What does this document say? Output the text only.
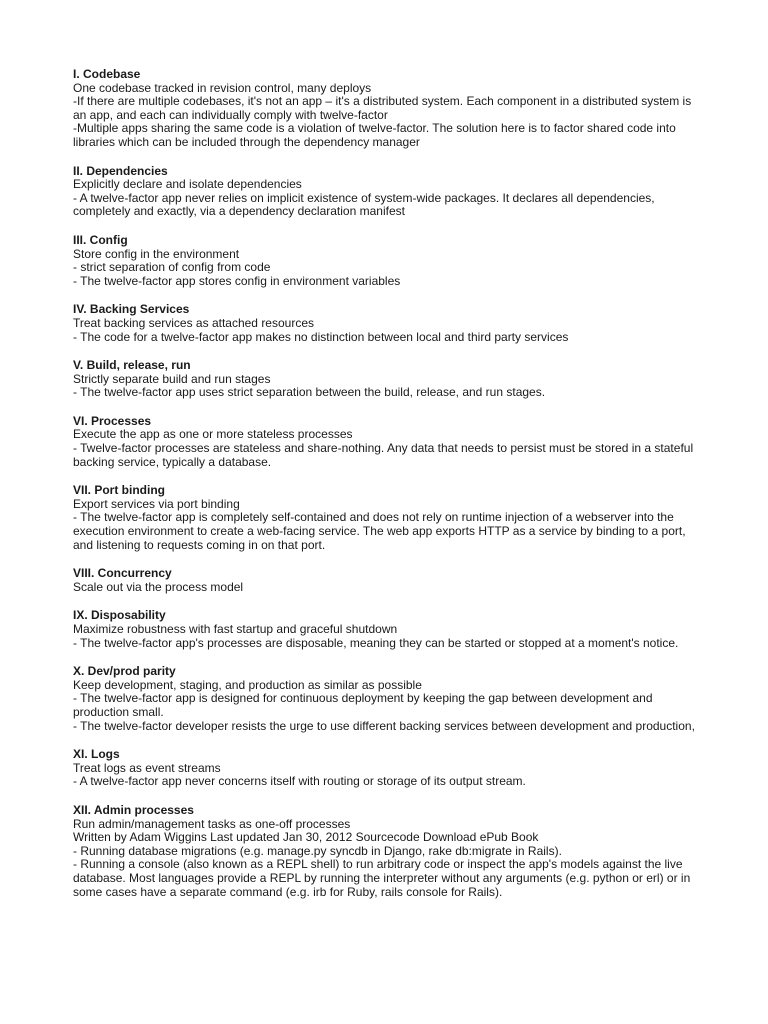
I. Codebase

One codebase tracked in revision control, many deploys

-If there are multiple codebases, it's not an app – it's a distributed system. Each component in a distributed system is an app, and each can individually comply with twelve-factor

-Multiple apps sharing the same code is a violation of twelve-factor. The solution here is to factor shared code into libraries which can be included through the dependency manager

II. Dependencies

Explicitly declare and isolate dependencies

- A twelve-factor app never relies on implicit existence of system-wide packages. It declares all dependencies, completely and exactly, via a dependency declaration manifest

III. Config

Store config in the environment

- strict separation of config from code

- The twelve-factor app stores config in environment variables

IV. Backing Services

Treat backing services as attached resources

- The code for a twelve-factor app makes no distinction between local and third party services

V. Build, release, run

Strictly separate build and run stages

- The twelve-factor app uses strict separation between the build, release, and run stages.

VI. Processes

Execute the app as one or more stateless processes

- Twelve-factor processes are stateless and share-nothing. Any data that needs to persist must be stored in a stateful backing service, typically a database.

VII. Port binding

Export services via port binding

- The twelve-factor app is completely self-contained and does not rely on runtime injection of a webserver into the execution environment to create a web-facing service. The web app exports HTTP as a service by binding to a port, and listening to requests coming in on that port.

VIII. Concurrency

Scale out via the process model

IX. Disposability

Maximize robustness with fast startup and graceful shutdown

- The twelve-factor app's processes are disposable, meaning they can be started or stopped at a moment's notice.

X. Dev/prod parity

Keep development, staging, and production as similar as possible

- The twelve-factor app is designed for continuous deployment by keeping the gap between development and production small.

- The twelve-factor developer resists the urge to use different backing services between development and production,

XI. Logs

Treat logs as event streams

- A twelve-factor app never concerns itself with routing or storage of its output stream.

XII. Admin processes

Run admin/management tasks as one-off processes

Written by Adam Wiggins Last updated Jan 30, 2012 Sourcecode Download ePub Book

- Running database migrations (e.g. manage.py syncdb in Django, rake db:migrate in Rails).

- Running a console (also known as a REPL shell) to run arbitrary code or inspect the app's models against the live database. Most languages provide a REPL by running the interpreter without any arguments (e.g. python or erl) or in some cases have a separate command (e.g. irb for Ruby, rails console for Rails).
